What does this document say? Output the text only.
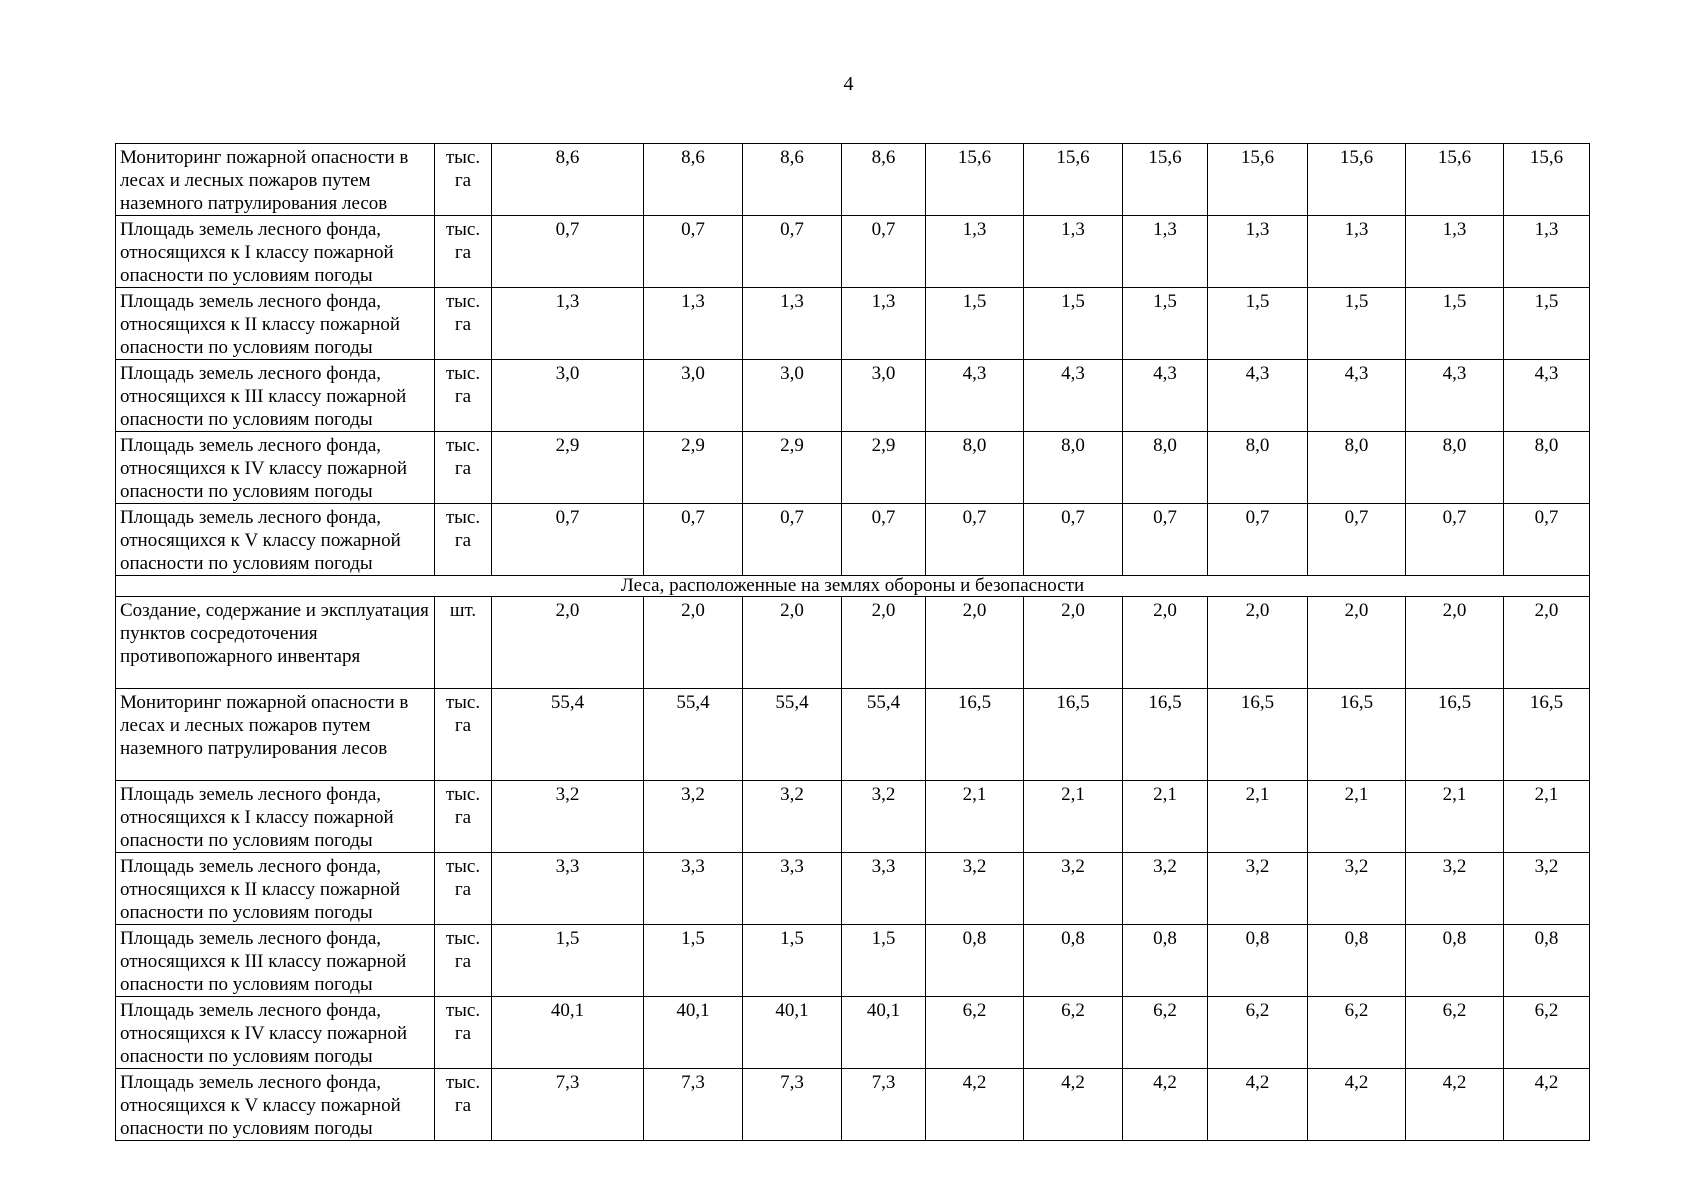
4
Мониторинг пожарной опасности в лесах и лесных пожаров путем наземного патрулирования лесов	тыс. га	8,6	8,6	8,6	8,6	15,6	15,6	15,6	15,6	15,6	15,6	15,6
Площадь земель лесного фонда, относящихся к I классу пожарной опасности по условиям погоды	тыс. га	0,7	0,7	0,7	0,7	1,3	1,3	1,3	1,3	1,3	1,3	1,3
Площадь земель лесного фонда, относящихся к II классу пожарной опасности по условиям погоды	тыс. га	1,3	1,3	1,3	1,3	1,5	1,5	1,5	1,5	1,5	1,5	1,5
Площадь земель лесного фонда, относящихся к III классу пожарной опасности по условиям погоды	тыс. га	3,0	3,0	3,0	3,0	4,3	4,3	4,3	4,3	4,3	4,3	4,3
Площадь земель лесного фонда, относящихся к IV классу пожарной опасности по условиям погоды	тыс. га	2,9	2,9	2,9	2,9	8,0	8,0	8,0	8,0	8,0	8,0	8,0
Площадь земель лесного фонда, относящихся к V классу пожарной опасности по условиям погоды	тыс. га	0,7	0,7	0,7	0,7	0,7	0,7	0,7	0,7	0,7	0,7	0,7
Леса, расположенные на землях обороны и безопасности												
Создание, содержание и эксплуатация пунктов сосредоточения противопожарного инвентаря	шт.	2,0	2,0	2,0	2,0	2,0	2,0	2,0	2,0	2,0	2,0	2,0
Мониторинг пожарной опасности в лесах и лесных пожаров путем наземного патрулирования лесов	тыс. га	55,4	55,4	55,4	55,4	16,5	16,5	16,5	16,5	16,5	16,5	16,5
Площадь земель лесного фонда, относящихся к I классу пожарной опасности по условиям погоды	тыс. га	3,2	3,2	3,2	3,2	2,1	2,1	2,1	2,1	2,1	2,1	2,1
Площадь земель лесного фонда, относящихся к II классу пожарной опасности по условиям погоды	тыс. га	3,3	3,3	3,3	3,3	3,2	3,2	3,2	3,2	3,2	3,2	3,2
Площадь земель лесного фонда, относящихся к III классу пожарной опасности по условиям погоды	тыс. га	1,5	1,5	1,5	1,5	0,8	0,8	0,8	0,8	0,8	0,8	0,8
Площадь земель лесного фонда, относящихся к IV классу пожарной опасности по условиям погоды	тыс. га	40,1	40,1	40,1	40,1	6,2	6,2	6,2	6,2	6,2	6,2	6,2
Площадь земель лесного фонда, относящихся к V классу пожарной опасности по условиям погоды	тыс. га	7,3	7,3	7,3	7,3	4,2	4,2	4,2	4,2	4,2	4,2	4,2
